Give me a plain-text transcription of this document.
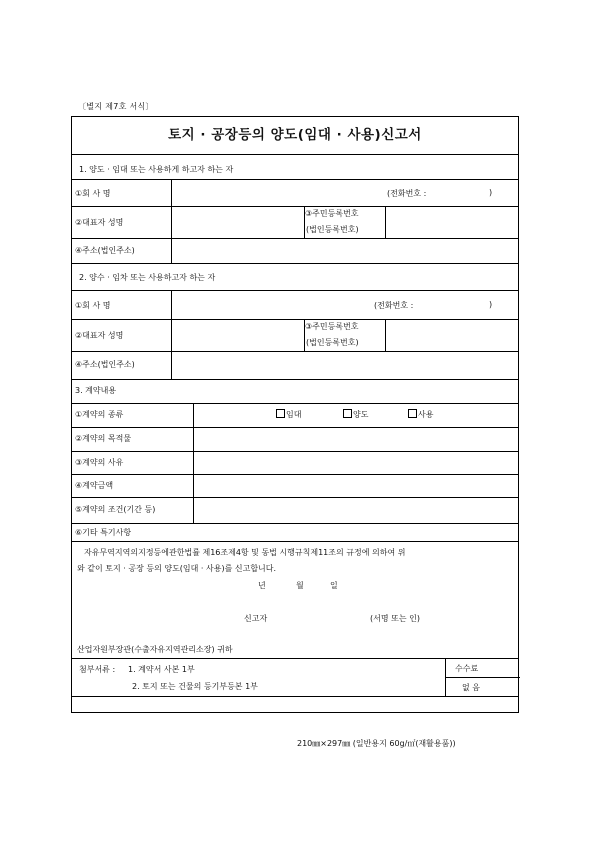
〔별지 제7호 서식〕
토지 · 공장등의 양도(임대 · 사용)신고서
1. 양도 · 임대 또는 사용하게 하고자 하는 자
①회 사 명	(전화번호 :	)
②대표자 성명
③주민등록번호
(법인등록번호)
④주소(법인주소)
2. 양수 · 임차 또는 사용하고자 하는 자
①회 사 명	(전화번호 :	)
②대표자 성명
③주민등록번호
(법인등록번호)
④주소(법인주소)
3. 계약내용
①계약의 종류	임대	양도	사용
②계약의 목적물
③계약의 사유
④계약금액
⑤계약의 조건(기간 등)
⑥기타 특기사항
자유무역지역의지정등에관한법률 제16조제4항 및 동법 시행규칙제11조의 규정에 의하여 위
와 같이 토지 · 공장 등의 양도(임대 · 사용)를 신고합니다.
년	월	일
신고자	(서명 또는 인)
산업자원부장관(수출자유지역관리소장) 귀하
첨부서류 : 1. 계약서 사본 1부
2. 토지 또는 건물의 등기부등본 1부
수수료
없 음
210㎜×297㎜ (일반용지 60g/㎡(재활용품))
